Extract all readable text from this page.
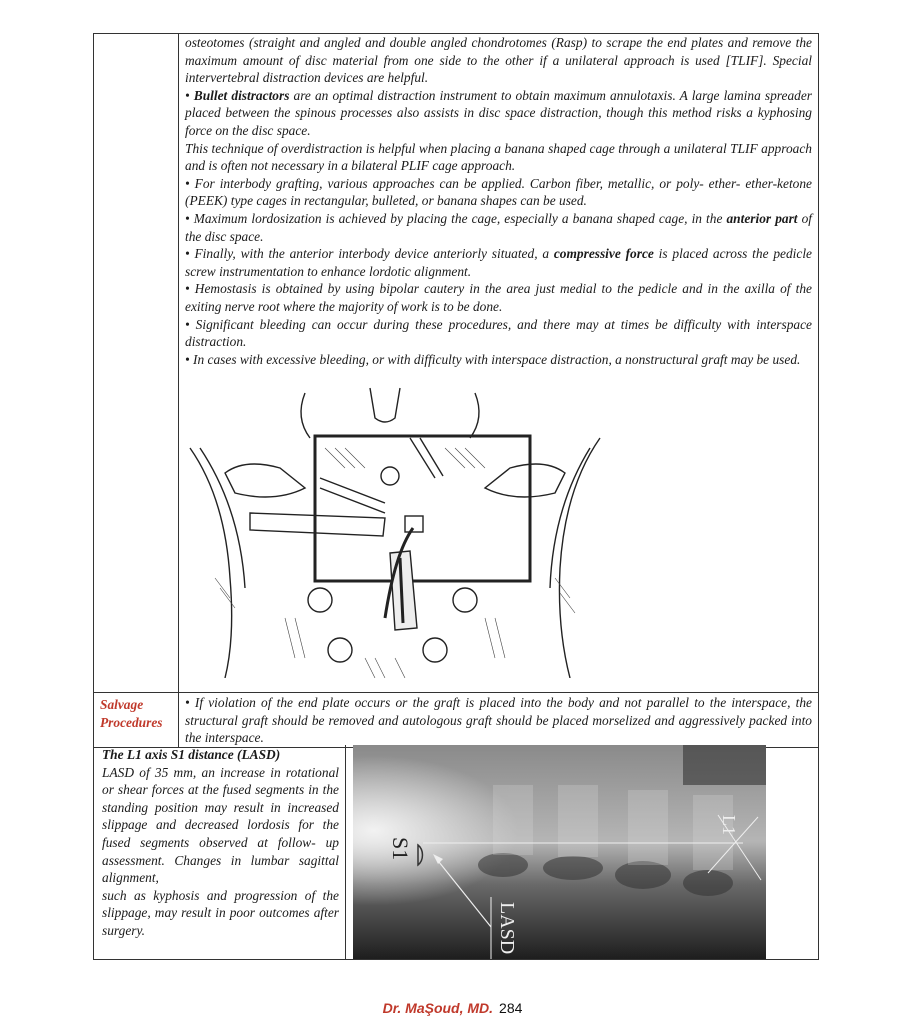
osteotomes (straight and angled and double angled chondrotomes (Rasp) to scrape the end plates and remove the maximum amount of disc material from one side to the other if a unilateral approach is used [TLIF]. Special intervertebral distraction devices are helpful.

• Bullet distractors are an optimal distraction instrument to obtain maximum annulotaxis. A large lamina spreader placed between the spinous processes also assists in disc space distraction, though this method risks a kyphosing force on the disc space.

This technique of overdistraction is helpful when placing a banana shaped cage through a unilateral TLIF approach and is often not necessary in a bilateral PLIF cage approach.

• For interbody grafting, various approaches can be applied. Carbon fiber, metallic, or poly- ether- ether-ketone (PEEK) type cages in rectangular, bulleted, or banana shapes can be used.

• Maximum lordosization is achieved by placing the cage, especially a banana shaped cage, in the anterior part of the disc space.

• Finally, with the anterior interbody device anteriorly situated, a compressive force is placed across the pedicle screw instrumentation to enhance lordotic alignment.

• Hemostasis is obtained by using bipolar cautery in the area just medial to the pedicle and in the axilla of the exiting nerve root where the majority of work is to be done.

• Significant bleeding can occur during these procedures, and there may at times be difficulty with interspace distraction.

• In cases with excessive bleeding, or with difficulty with interspace distraction, a nonstructural graft may be used.

Salvage
Procedures

• If violation of the end plate occurs or the graft is placed into the body and not parallel to the interspace, the structural graft should be removed and autologous graft should be placed morselized and aggressively packed into the interspace.

The L1 axis S1 distance (LASD)

LASD of 35 mm, an increase in rotational or shear forces at the fused segments in the standing position may result in increased slippage and decreased lordosis for the fused segments observed at follow- up assessment. Changes in lumbar sagittal alignment,

such as kyphosis and progression of the slippage, may result in poor outcomes after surgery.

S1
L1
LASD
Dr. MaŞoud, MD. 284
